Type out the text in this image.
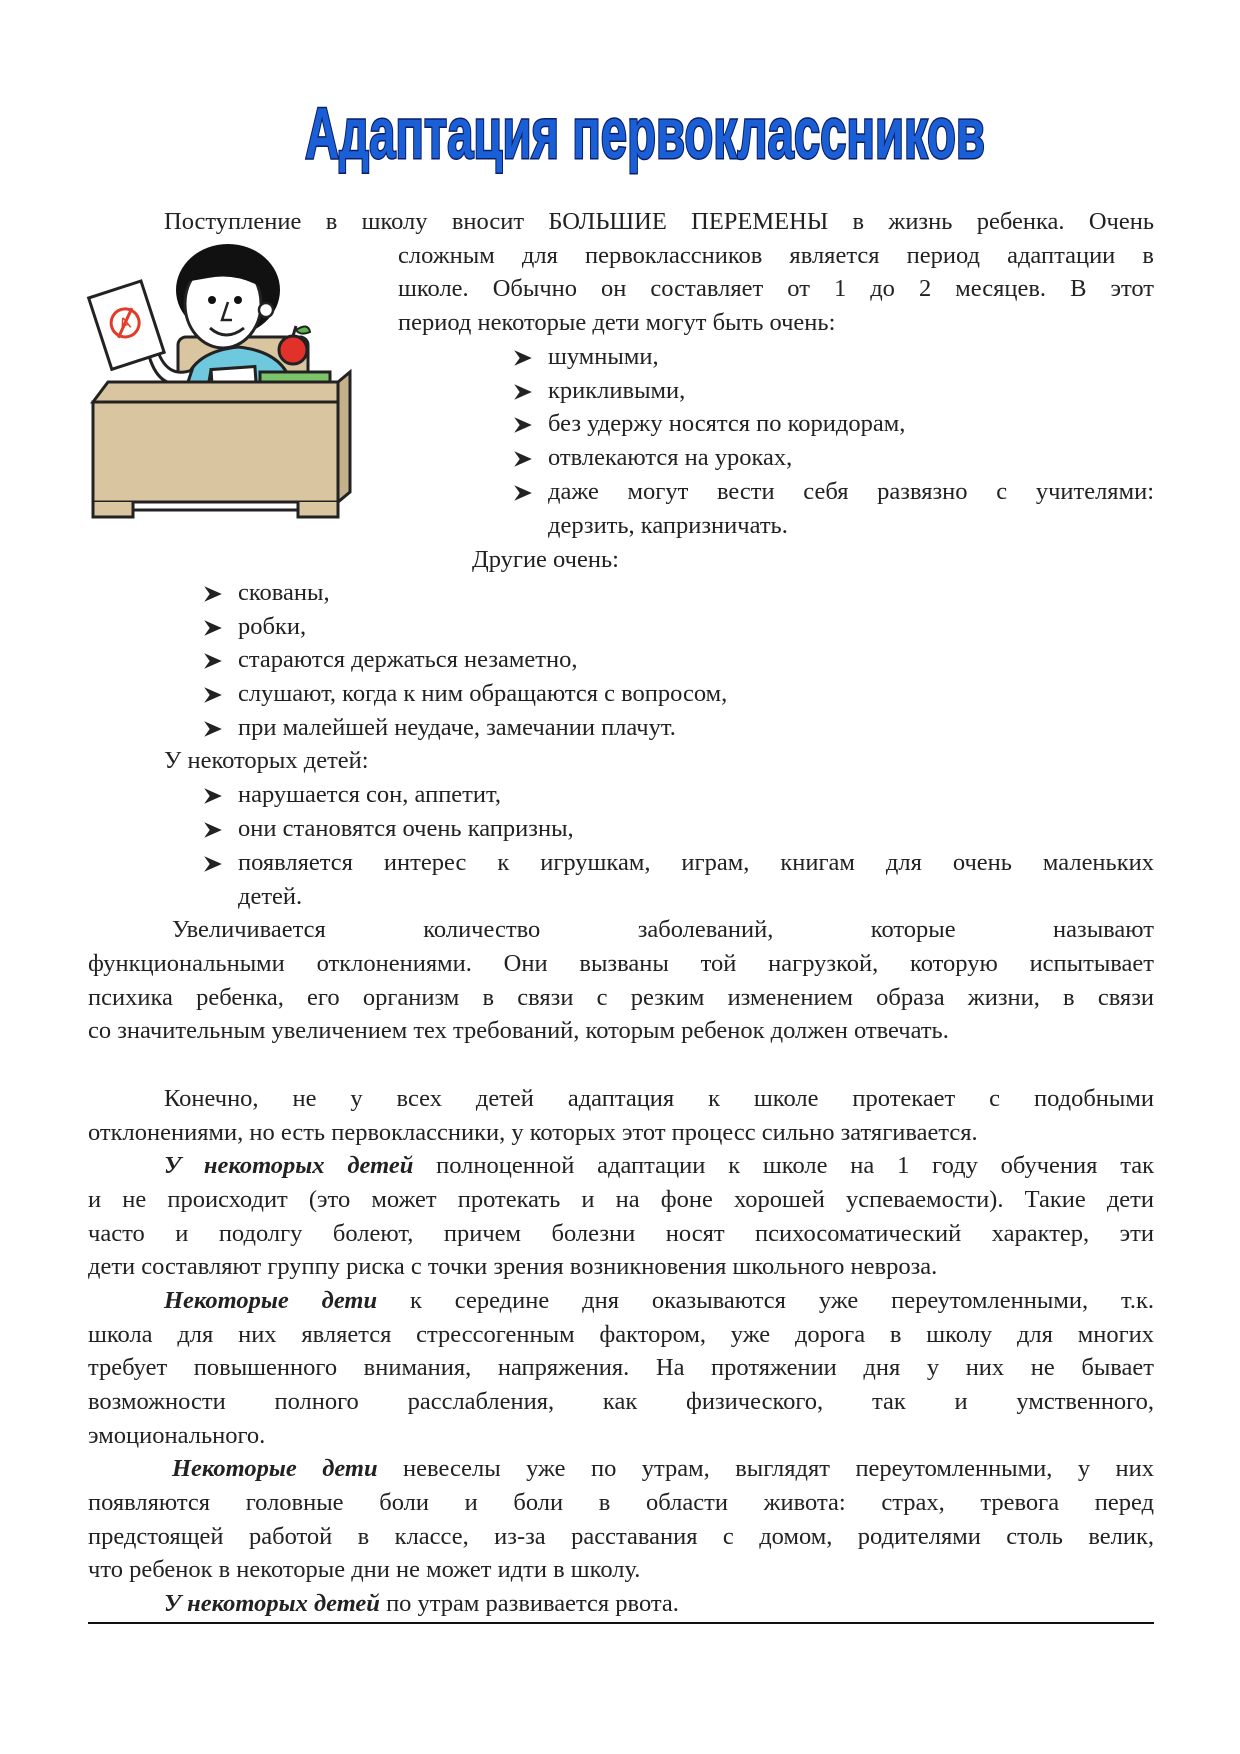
Адаптация первоклассников
Поступление в школу вносит БОЛЬШИЕ ПЕРЕМЕНЫ в жизнь ребенка. Очень
сложным для первоклассников является период адаптации в
школе. Обычно он составляет от 1 до 2 месяцев. В этот
период некоторые дети могут быть очень:
шумными,
крикливыми,
без удержу носятся по коридорам,
отвлекаются на уроках,
даже могут вести себя развязно с учителями:
дерзить, капризничать.
Другие очень:
скованы,
робки,
стараются держаться незаметно,
слушают, когда к ним обращаются с вопросом,
при малейшей неудаче, замечании плачут.
У некоторых детей:
нарушается сон, аппетит,
они становятся очень капризны,
появляется интерес к игрушкам, играм, книгам для очень маленьких
детей.
Увеличивается количество заболеваний, которые называют
функциональными отклонениями. Они вызваны той нагрузкой, которую испытывает
психика ребенка, его организм в связи с резким изменением образа жизни, в связи
со значительным увеличением тех требований, которым ребенок должен отвечать.
Конечно, не у всех детей адаптация к школе протекает с подобными
отклонениями, но есть первоклассники, у которых этот процесс сильно затягивается.
У некоторых детей полноценной адаптации к школе на 1 году обучения так
и не происходит (это может протекать и на фоне хорошей успеваемости). Такие дети
часто и подолгу болеют, причем болезни носят психосоматический характер, эти
дети составляют группу риска с точки зрения возникновения школьного невроза.
Некоторые дети к середине дня оказываются уже переутомленными, т.к.
школа для них является стрессогенным фактором, уже дорога в школу для многих
требует повышенного внимания, напряжения. На протяжении дня у них не бывает
возможности полного расслабления, как физического, так и умственного,
эмоционального.
Некоторые дети невеселы уже по утрам, выглядят переутомленными, у них
появляются головные боли и боли в области живота: страх, тревога перед
предстоящей работой в классе, из-за расставания с домом, родителями столь велик,
что ребенок в некоторые дни не может идти в школу.
У некоторых детей по утрам развивается рвота.
